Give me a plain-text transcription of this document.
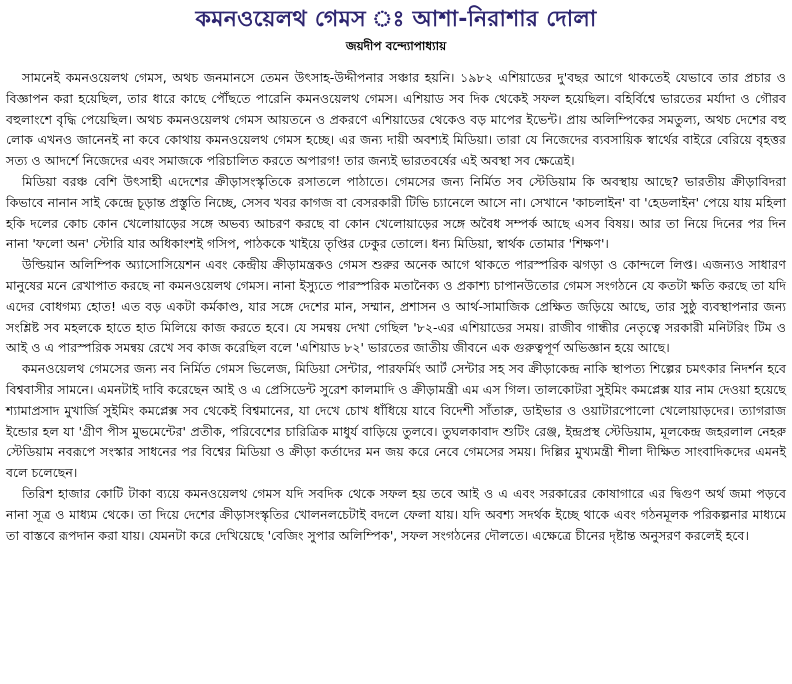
কমনওয়েলথ গেমস ঃ আশা-নিরাশার দোলা
জয়দীপ বন্দ্যোপাধ্যায়

সামনেই কমনওয়েলথ গেমস, অথচ জনমানসে তেমন উৎসাহ-উদ্দীপনার সঞ্চার হয়নি। ১৯৮২ এশিয়াডের দু'বছর আগে থাকতেই যেভাবে তার প্রচার ও বিজ্ঞাপন করা হয়েছিল, তার ধারে কাছে পৌঁছতে পারেনি কমনওয়েলথ গেমস। এশিয়াড সব দিক থেকেই সফল হয়েছিল। বহির্বিশ্বে ভারতের মর্যাদা ও গৌরব বহুলাংশে বৃদ্ধি পেয়েছিল। অথচ কমনওয়েলথ গেমস আয়তনে ও প্রকরণে এশিয়াডের থেকেও বড় মাপের ইভেন্ট। প্রায় অলিম্পিকের সমতুল্য, অথচ দেশের বহু লোক এখনও জানেনই না কবে কোথায় কমনওয়েলথ গেমস হচ্ছে। এর জন্য দায়ী অবশ্যই মিডিয়া। তারা যে নিজেদের ব্যবসায়িক স্বার্থের বাইরে বেরিয়ে বৃহত্তর সত্য ও আদর্শে নিজেদের এবং সমাজকে পরিচালিত করতে অপারগ! তার জন্যই ভারতবর্ষের এই অবস্থা সব ক্ষেত্রেই।

মিডিয়া বরঞ্চ বেশি উৎসাহী এদেশের ক্রীড়াসংস্কৃতিকে রসাতলে পাঠাতে। গেমসের জন্য নির্মিত সব স্টেডিয়াম কি অবস্থায় আছে? ভারতীয় ক্রীড়াবিদরা কিভাবে নানান সাই কেন্দ্রে চূড়ান্ত প্রস্তুতি নিচ্ছে, সেসব খবর কাগজ বা বেসরকারী টিভি চ্যানেলে আসে না। সেখানে 'কাচলাইন' বা 'হেডলাইন' পেয়ে যায় মহিলা হকি দলের কোচ কোন খেলোয়াড়ের সঙ্গে অভব্য আচরণ করছে বা কোন খেলোয়াড়ের সঙ্গে অবৈধ সম্পর্ক আছে এসব বিষয়। আর তা নিয়ে দিনের পর দিন নানা 'ফলো অন' স্টোরি যার অধিকাংশই গসিপ, পাঠককে খাইয়ে তৃপ্তির ঢেকুর তোলে। ধন্য মিডিয়া, স্বার্থক তোমার 'শিক্ষণ'।

উল্ডিয়ান অলিম্পিক অ্যাসোসিয়েশন এবং কেন্দ্রীয় ক্রীড়ামন্ত্রকও গেমস শুরুর অনেক আগে থাকতে পারস্পরিক ঝগড়া ও কোন্দলে লিপ্ত। এজন্যও সাধারণ মানুষের মনে রেখাপাত করছে না কমনওয়েলথ গেমস। নানা ইস্যুতে পারস্পরিক মতানৈক্য ও প্রকাশ্য চাপানউতোর গেমস সংগঠনে যে কতটা ক্ষতি করছে তা যদি এদের বোধগম্য হোত! এত বড় একটা কর্মকাণ্ড, যার সঙ্গে দেশের মান, সম্মান, প্রশাসন ও আর্থ-সামাজিক প্রেক্ষিত জড়িয়ে আছে, তার সুষ্ঠু ব্যবস্থাপনার জন্য সংশ্লিষ্ট সব মহলকে হাতে হাত মিলিয়ে কাজ করতে হবে। যে সমন্বয় দেখা গেছিল '৮২-এর এশিয়াডের সময়। রাজীব গান্ধীর নেতৃত্বে সরকারী মনিটরিং টিম ও আই ও এ পারস্পরিক সমন্বয় রেখে সব কাজ করেছিল বলে 'এশিয়াড ৮২' ভারতের জাতীয় জীবনে এক গুরুত্বপূর্ণ অভিজ্ঞান হয়ে আছে।

কমনওয়েলথ গেমসের জন্য নব নির্মিত গেমস ভিলেজ, মিডিয়া সেন্টার, পারফর্মিং আর্ট সেন্টার সহ সব ক্রীড়াকেন্দ্র নাকি স্থাপত্য শিল্পের চমৎকার নিদর্শন হবে বিশ্ববাসীর সামনে। এমনটাই দাবি করেছেন আই ও এ প্রেসিডেন্ট সুরেশ কালমাদি ও ক্রীড়ামন্ত্রী এম এস গিল। তালকোটরা সুইমিং কমপ্লেক্স যার নাম দেওয়া হয়েছে শ্যামাপ্রসাদ মুখার্জি সুইমিং কমপ্লেক্স সব থেকেই বিশ্বমানের, যা দেখে চোখ ধাঁধিয়ে যাবে বিদেশী সাঁতারু, ডাইভার ও ওয়াটারপোলো খেলোয়াড়দের। ত্যাগরাজ ইন্ডোর হল যা 'গ্রীণ পীস মুভমেন্টের' প্রতীক, পরিবেশের চারিত্রিক মাধুর্য বাড়িয়ে তুলবে। তুঘলকাবাদ শুটিং রেঞ্জ, ইন্দ্রপ্রস্থ স্টেডিয়াম, মূলকেন্দ্র জহরলাল নেহরু স্টেডিয়াম নবরূপে সংস্কার সাধনের পর বিশ্বের মিডিয়া ও ক্রীড়া কর্তাদের মন জয় করে নেবে গেমসের সময়। দিল্লির মুখ্যমন্ত্রী শীলা দীক্ষিত সাংবাদিকদের এমনই বলে চলেছেন।

তিরিশ হাজার কোটি টাকা ব্যয়ে কমনওয়েলথ গেমস যদি সবদিক থেকে সফল হয় তবে আই ও এ এবং সরকারের কোষাগারে এর দ্বিগুণ অর্থ জমা পড়বে নানা সূত্র ও মাধ্যম থেকে। তা দিয়ে দেশের ক্রীড়াসংস্কৃতির খোলনলচেটাই বদলে ফেলা যায়। যদি অবশ্য সদর্থক ইচ্ছে থাকে এবং গঠনমূলক পরিকল্পনার মাধ্যমে তা বাস্তবে রূপদান করা যায়। যেমনটা করে দেখিয়েছে 'বেজিং সুপার অলিম্পিক', সফল সংগঠনের দৌলতে। এক্ষেত্রে চীনের দৃষ্টান্ত অনুসরণ করলেই হবে।
